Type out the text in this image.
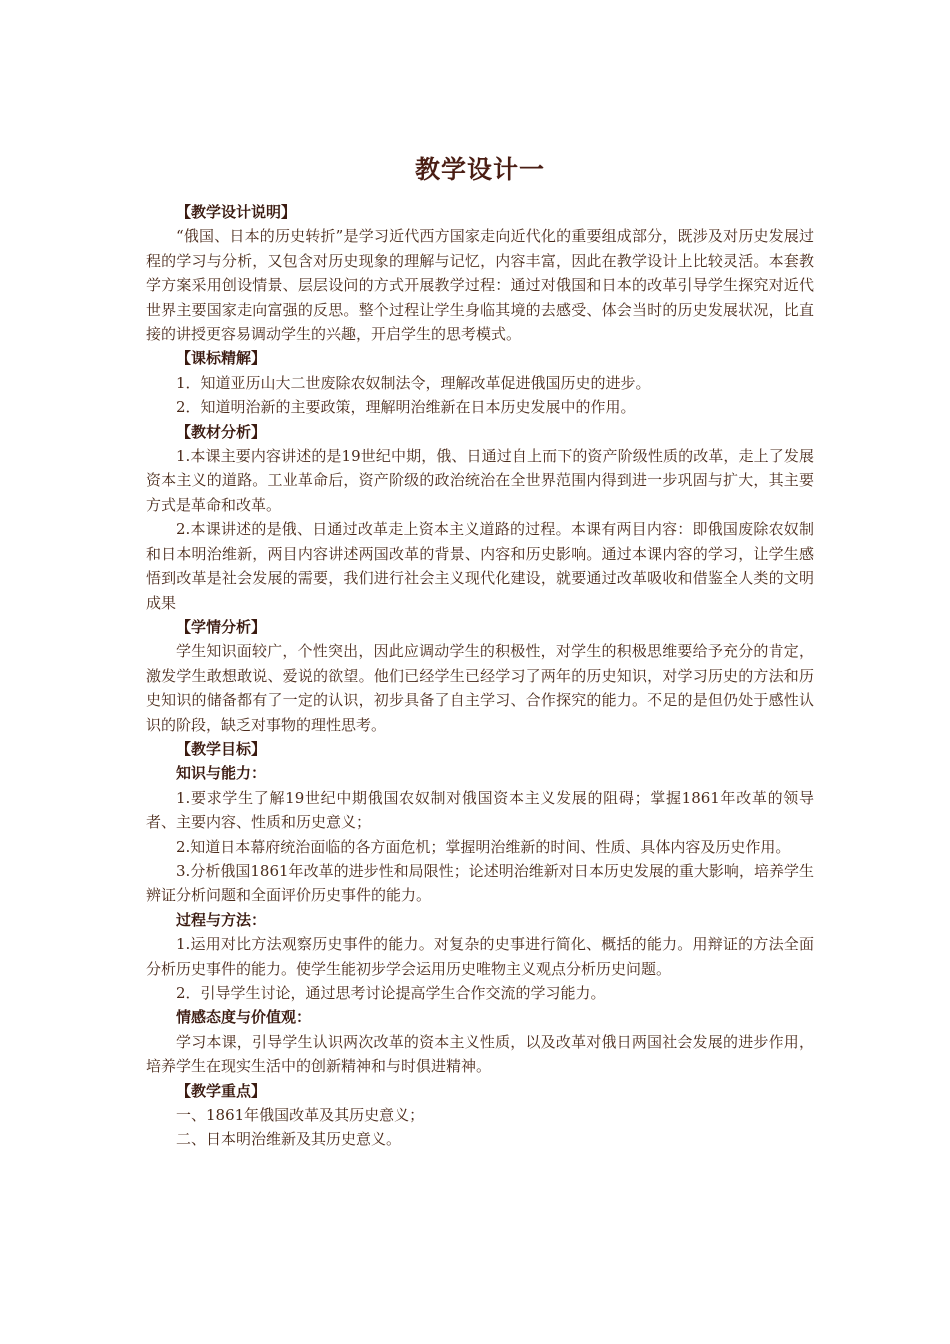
教学设计一
【教学设计说明】

“俄国、日本的历史转折”是学习近代西方国家走向近代化的重要组成部分，既涉及对历史发展过程的学习与分析，又包含对历史现象的理解与记忆，内容丰富，因此在教学设计上比较灵活。本套教学方案采用创设情景、层层设问的方式开展教学过程：通过对俄国和日本的改革引导学生探究对近代世界主要国家走向富强的反思。整个过程让学生身临其境的去感受、体会当时的历史发展状况，比直接的讲授更容易调动学生的兴趣，开启学生的思考模式。

【课标精解】

1．知道亚历山大二世废除农奴制法令，理解改革促进俄国历史的进步。

2．知道明治新的主要政策，理解明治维新在日本历史发展中的作用。

【教材分析】

1.本课主要内容讲述的是19世纪中期，俄、日通过自上而下的资产阶级性质的改革，走上了发展资本主义的道路。工业革命后，资产阶级的政治统治在全世界范围内得到进一步巩固与扩大，其主要方式是革命和改革。

2.本课讲述的是俄、日通过改革走上资本主义道路的过程。本课有两目内容：即俄国废除农奴制和日本明治维新，两目内容讲述两国改革的背景、内容和历史影响。通过本课内容的学习，让学生感悟到改革是社会发展的需要，我们进行社会主义现代化建设，就要通过改革吸收和借鉴全人类的文明成果

【学情分析】

学生知识面较广，个性突出，因此应调动学生的积极性，对学生的积极思维要给予充分的肯定，激发学生敢想敢说、爱说的欲望。他们已经学生已经学习了两年的历史知识，对学习历史的方法和历史知识的储备都有了一定的认识，初步具备了自主学习、合作探究的能力。不足的是但仍处于感性认识的阶段，缺乏对事物的理性思考。

【教学目标】
知识与能力：

1.要求学生了解19世纪中期俄国农奴制对俄国资本主义发展的阻碍；掌握1861年改革的领导者、主要内容、性质和历史意义；

2.知道日本幕府统治面临的各方面危机；掌握明治维新的时间、性质、具体内容及历史作用。

3.分析俄国1861年改革的进步性和局限性；论述明治维新对日本历史发展的重大影响，培养学生辨证分析问题和全面评价历史事件的能力。

过程与方法：

1.运用对比方法观察历史事件的能力。对复杂的史事进行简化、概括的能力。用辩证的方法全面分析历史事件的能力。使学生能初步学会运用历史唯物主义观点分析历史问题。

2．引导学生讨论，通过思考讨论提高学生合作交流的学习能力。

情感态度与价值观：

学习本课，引导学生认识两次改革的资本主义性质，以及改革对俄日两国社会发展的进步作用，培养学生在现实生活中的创新精神和与时俱进精神。

【教学重点】

一、1861年俄国改革及其历史意义；

二、日本明治维新及其历史意义。
